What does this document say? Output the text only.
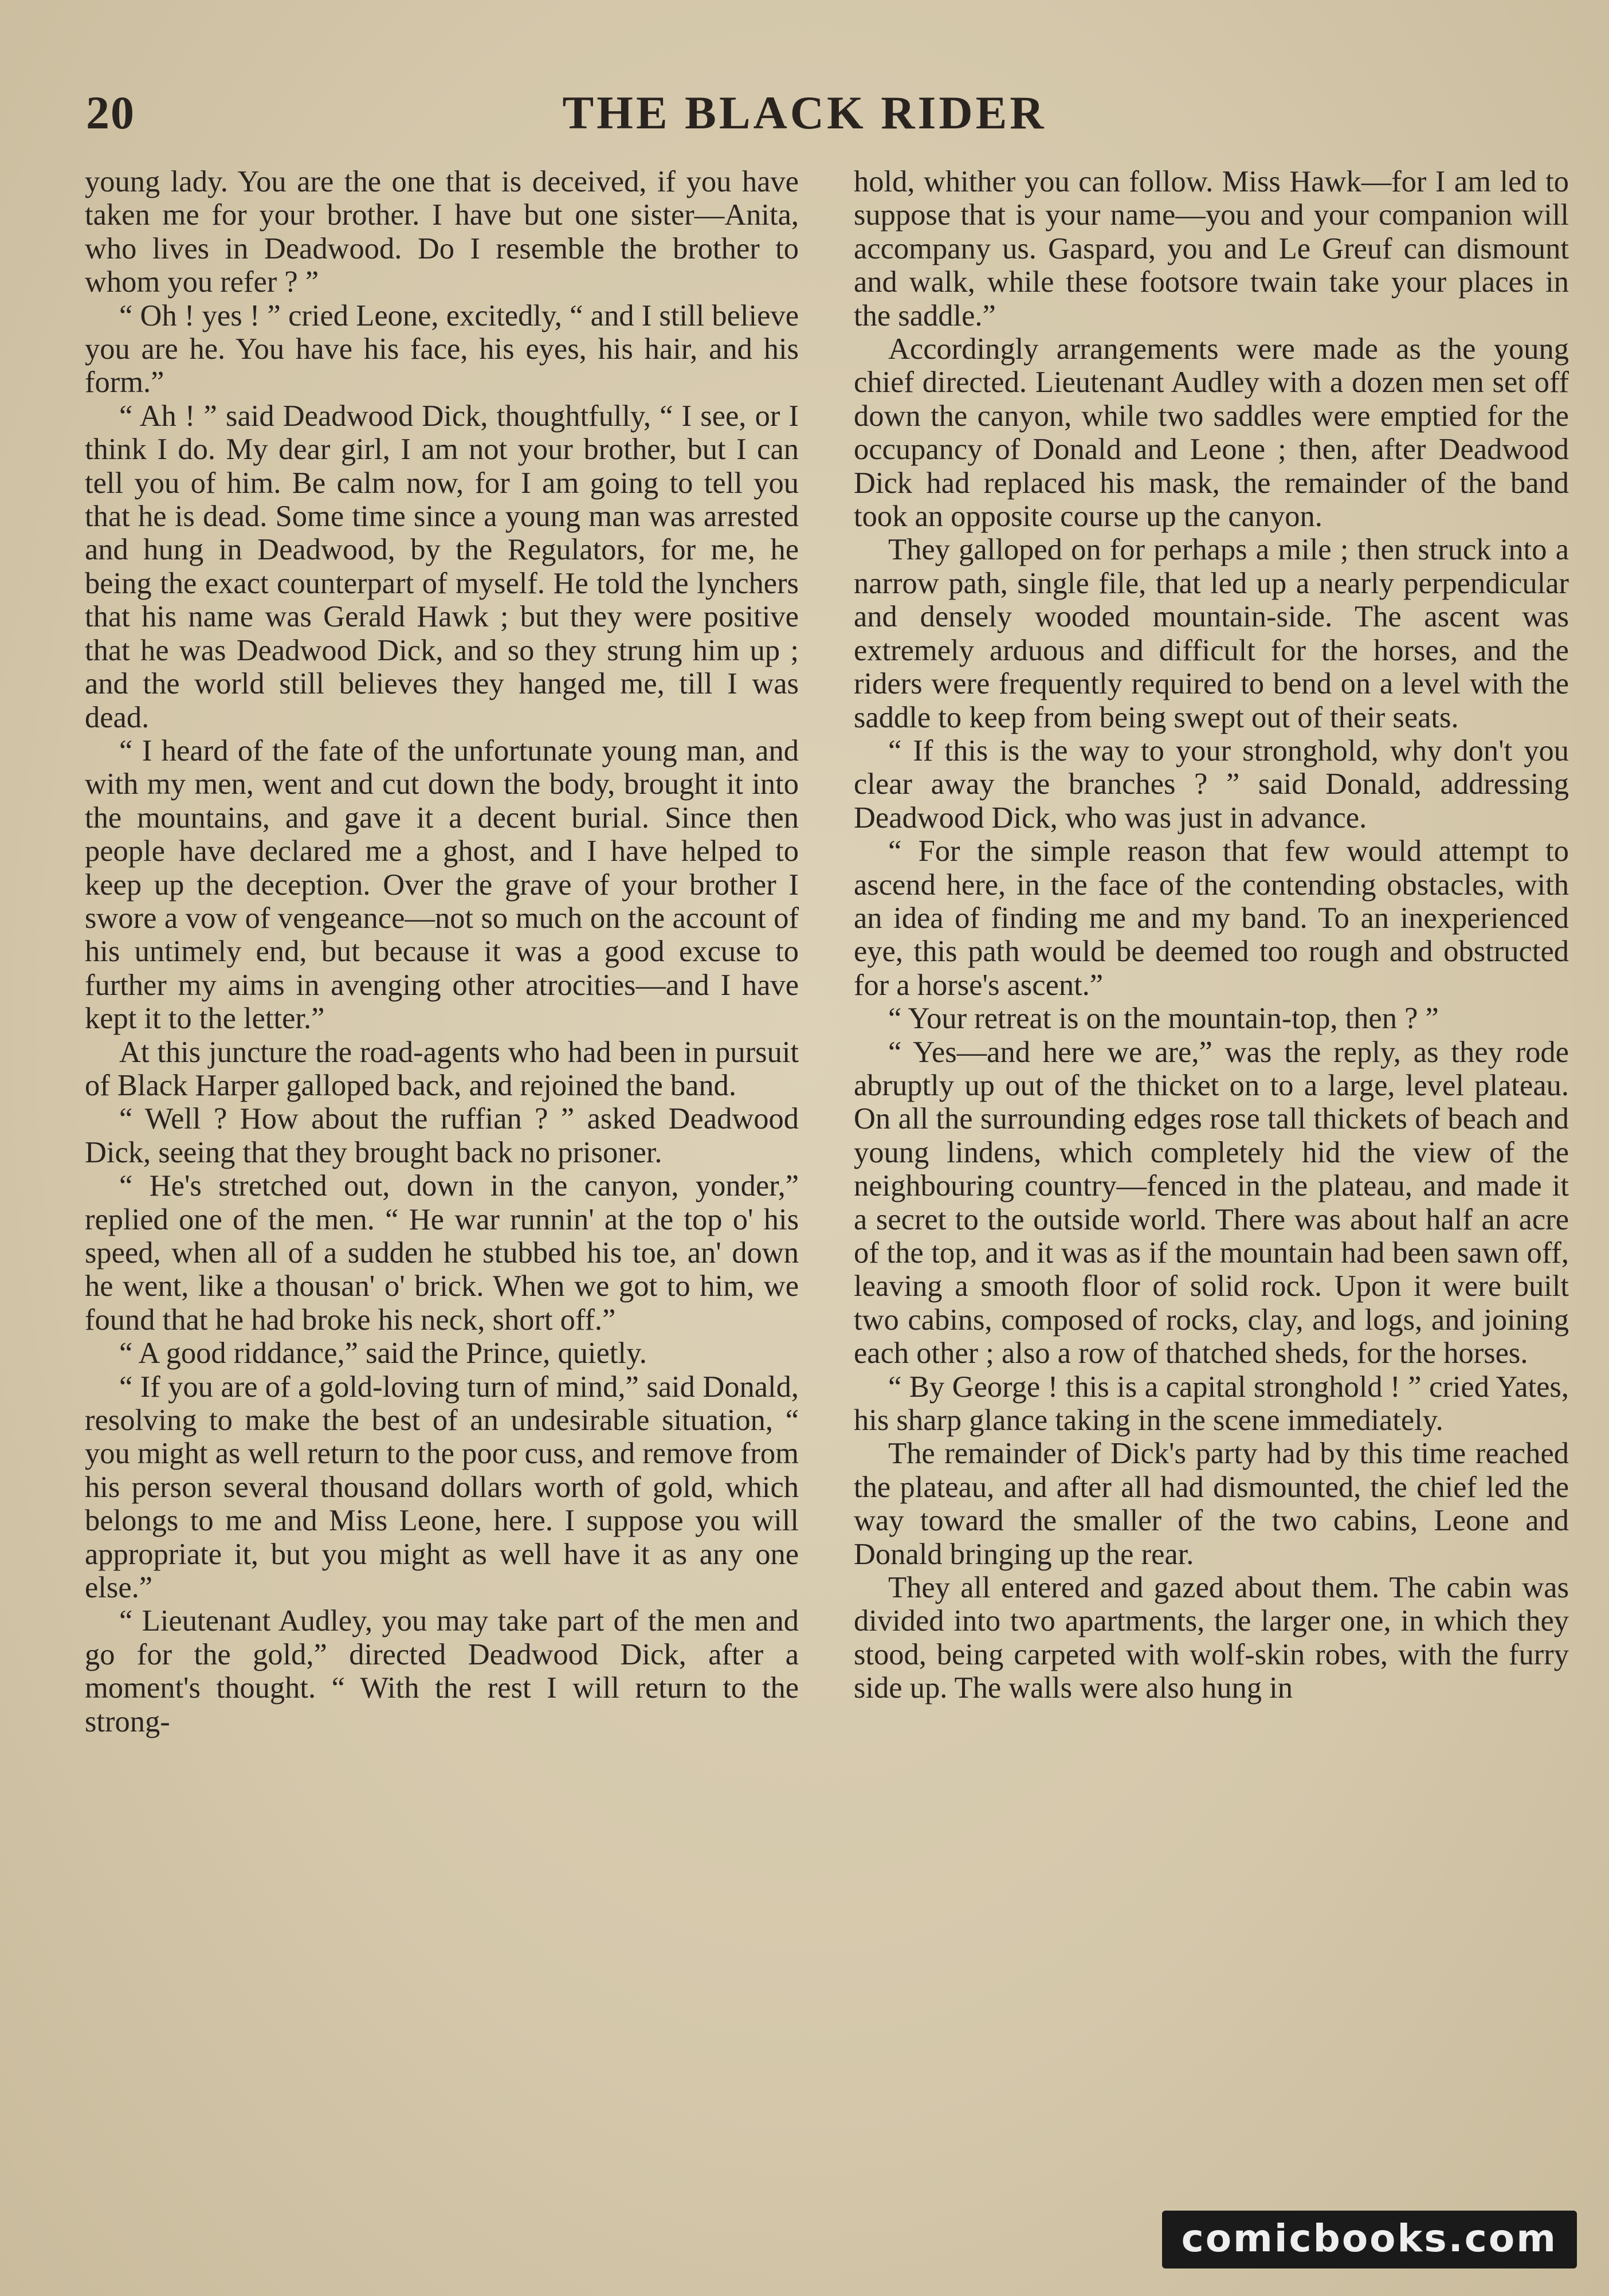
20	THE BLACK RIDER

young lady. You are the one that is deceived, if you have taken me for your brother. I have but one sister—Anita, who lives in Deadwood. Do I resemble the brother to whom you refer ? ”

“ Oh ! yes ! ” cried Leone, excitedly, “ and I still believe you are he. You have his face, his eyes, his hair, and his form.”

“ Ah ! ” said Deadwood Dick, thoughtfully, “ I see, or I think I do. My dear girl, I am not your brother, but I can tell you of him. Be calm now, for I am going to tell you that he is dead. Some time since a young man was arrested and hung in Deadwood, by the Regulators, for me, he being the exact counterpart of myself. He told the lynchers that his name was Gerald Hawk ; but they were positive that he was Deadwood Dick, and so they strung him up ; and the world still believes they hanged me, till I was dead.

“ I heard of the fate of the unfortunate young man, and with my men, went and cut down the body, brought it into the mountains, and gave it a decent burial. Since then people have declared me a ghost, and I have helped to keep up the deception. Over the grave of your brother I swore a vow of vengeance—not so much on the account of his untimely end, but because it was a good excuse to further my aims in avenging other atrocities—and I have kept it to the letter.”

At this juncture the road-agents who had been in pursuit of Black Harper galloped back, and rejoined the band.

“ Well ? How about the ruffian ? ” asked Deadwood Dick, seeing that they brought back no prisoner.

“ He's stretched out, down in the canyon, yonder,” replied one of the men. “ He war runnin' at the top o' his speed, when all of a sudden he stubbed his toe, an' down he went, like a thousan' o' brick. When we got to him, we found that he had broke his neck, short off.”

“ A good riddance,” said the Prince, quietly.

“ If you are of a gold-loving turn of mind,” said Donald, resolving to make the best of an undesirable situation, “ you might as well return to the poor cuss, and remove from his person several thousand dollars worth of gold, which belongs to me and Miss Leone, here. I suppose you will appropriate it, but you might as well have it as any one else.”

“ Lieutenant Audley, you may take part of the men and go for the gold,” directed Deadwood Dick, after a moment's thought. “ With the rest I will return to the strong-

hold, whither you can follow. Miss Hawk—for I am led to suppose that is your name—you and your companion will accompany us. Gaspard, you and Le Greuf can dismount and walk, while these footsore twain take your places in the saddle.”

Accordingly arrangements were made as the young chief directed. Lieutenant Audley with a dozen men set off down the canyon, while two saddles were emptied for the occupancy of Donald and Leone ; then, after Deadwood Dick had replaced his mask, the remainder of the band took an opposite course up the canyon.

They galloped on for perhaps a mile ; then struck into a narrow path, single file, that led up a nearly perpendicular and densely wooded mountain-side. The ascent was extremely arduous and difficult for the horses, and the riders were frequently required to bend on a level with the saddle to keep from being swept out of their seats.

“ If this is the way to your stronghold, why don't you clear away the branches ? ” said Donald, addressing Deadwood Dick, who was just in advance.

“ For the simple reason that few would attempt to ascend here, in the face of the contending obstacles, with an idea of finding me and my band. To an inexperienced eye, this path would be deemed too rough and obstructed for a horse's ascent.”

“ Your retreat is on the mountain-top, then ? ”

“ Yes—and here we are,” was the reply, as they rode abruptly up out of the thicket on to a large, level plateau. On all the surrounding edges rose tall thickets of beach and young lindens, which completely hid the view of the neighbouring country—fenced in the plateau, and made it a secret to the outside world. There was about half an acre of the top, and it was as if the mountain had been sawn off, leaving a smooth floor of solid rock. Upon it were built two cabins, composed of rocks, clay, and logs, and joining each other ; also a row of thatched sheds, for the horses.

“ By George ! this is a capital stronghold ! ” cried Yates, his sharp glance taking in the scene immediately.

The remainder of Dick's party had by this time reached the plateau, and after all had dismounted, the chief led the way toward the smaller of the two cabins, Leone and Donald bringing up the rear.

They all entered and gazed about them. The cabin was divided into two apartments, the larger one, in which they stood, being carpeted with wolf-skin robes, with the furry side up. The walls were also hung in

comicbooks.com
